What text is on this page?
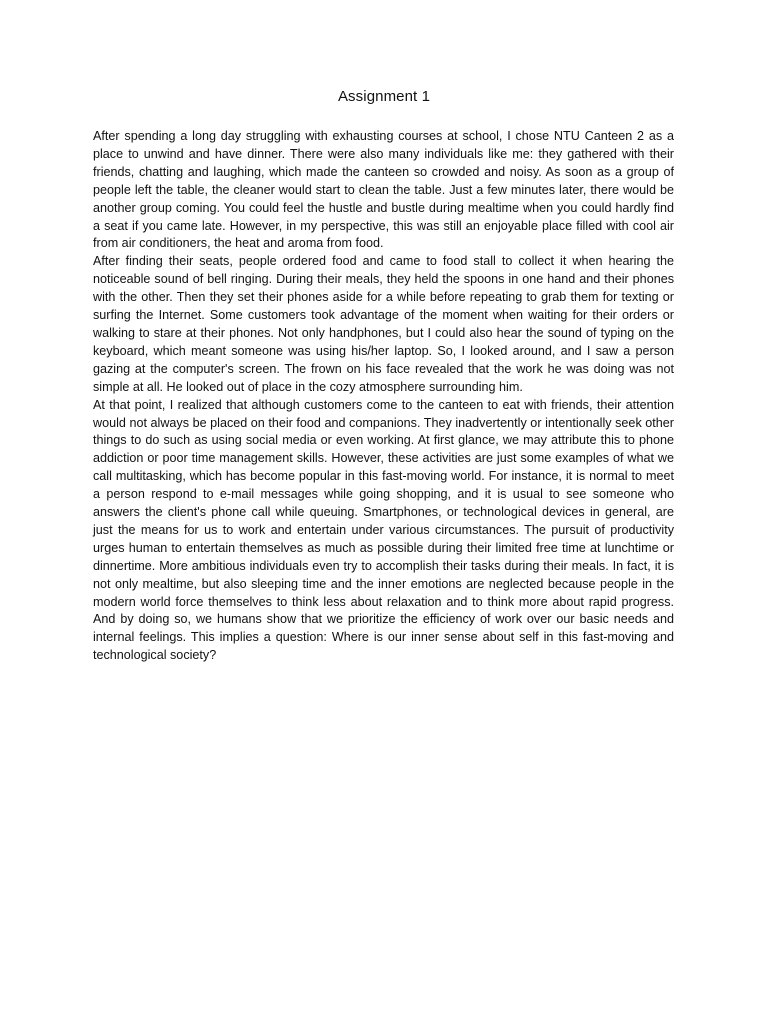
Assignment 1

After spending a long day struggling with exhausting courses at school, I chose NTU Canteen 2 as a place to unwind and have dinner. There were also many individuals like me: they gathered with their friends, chatting and laughing, which made the canteen so crowded and noisy. As soon as a group of people left the table, the cleaner would start to clean the table. Just a few minutes later, there would be another group coming. You could feel the hustle and bustle during mealtime when you could hardly find a seat if you came late. However, in my perspective, this was still an enjoyable place filled with cool air from air conditioners, the heat and aroma from food.

After finding their seats, people ordered food and came to food stall to collect it when hearing the noticeable sound of bell ringing. During their meals, they held the spoons in one hand and their phones with the other. Then they set their phones aside for a while before repeating to grab them for texting or surfing the Internet. Some customers took advantage of the moment when waiting for their orders or walking to stare at their phones. Not only handphones, but I could also hear the sound of typing on the keyboard, which meant someone was using his/her laptop. So, I looked around, and I saw a person gazing at the computer's screen. The frown on his face revealed that the work he was doing was not simple at all. He looked out of place in the cozy atmosphere surrounding him.

At that point, I realized that although customers come to the canteen to eat with friends, their attention would not always be placed on their food and companions. They inadvertently or intentionally seek other things to do such as using social media or even working. At first glance, we may attribute this to phone addiction or poor time management skills. However, these activities are just some examples of what we call multitasking, which has become popular in this fast-moving world. For instance, it is normal to meet a person respond to e-mail messages while going shopping, and it is usual to see someone who answers the client's phone call while queuing. Smartphones, or technological devices in general, are just the means for us to work and entertain under various circumstances. The pursuit of productivity urges human to entertain themselves as much as possible during their limited free time at lunchtime or dinnertime. More ambitious individuals even try to accomplish their tasks during their meals. In fact, it is not only mealtime, but also sleeping time and the inner emotions are neglected because people in the modern world force themselves to think less about relaxation and to think more about rapid progress. And by doing so, we humans show that we prioritize the efficiency of work over our basic needs and internal feelings. This implies a question: Where is our inner sense about self in this fast-moving and technological society?
